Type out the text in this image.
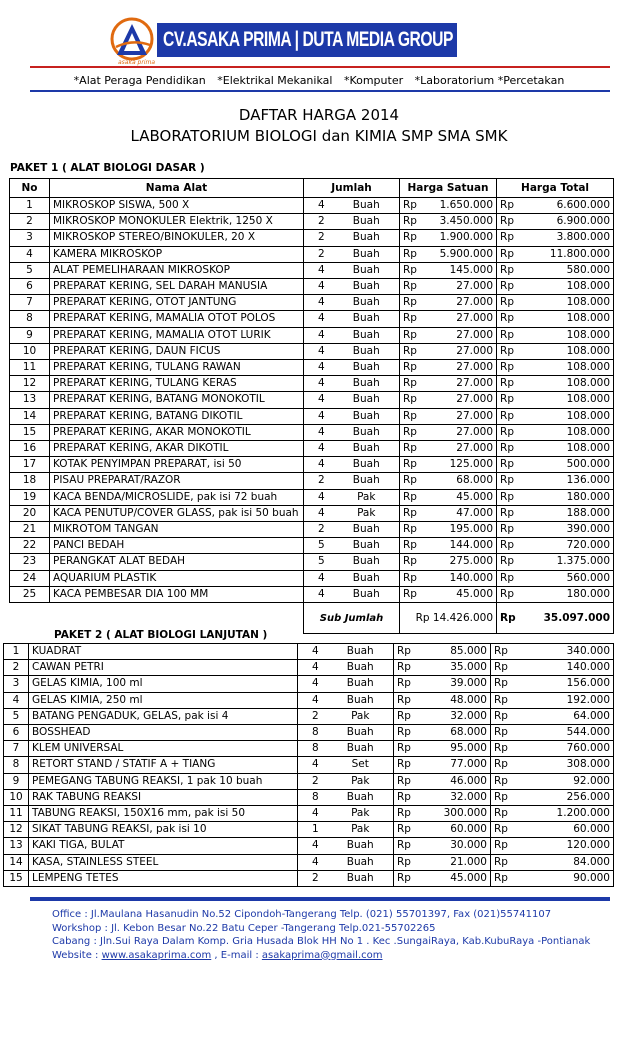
asaka prima
CV.ASAKA PRIMA | DUTA MEDIA GROUP
*Alat Peraga Pendidikan *Elektrikal Mekanikal *Komputer *Laboratorium *Percetakan
DAFTAR HARGA 2014
LABORATORIUM BIOLOGI dan KIMIA SMP SMA SMK
PAKET 1 ( ALAT BIOLOGI DASAR )
No	Nama Alat	Jumlah		Harga Satuan		Harga Total	
1	MIKROSKOP SISWA, 500 X	4	Buah	Rp	1.650.000	Rp	6.600.000
2	MIKROSKOP MONOKULER Elektrik, 1250 X	2	Buah	Rp	3.450.000	Rp	6.900.000
3	MIKROSKOP STEREO/BINOKULER, 20 X	2	Buah	Rp	1.900.000	Rp	3.800.000
4	KAMERA MIKROSKOP	2	Buah	Rp	5.900.000	Rp	11.800.000
5	ALAT PEMELIHARAAN MIKROSKOP	4	Buah	Rp	145.000	Rp	580.000
6	PREPARAT KERING, SEL DARAH MANUSIA	4	Buah	Rp	27.000	Rp	108.000
7	PREPARAT KERING, OTOT JANTUNG	4	Buah	Rp	27.000	Rp	108.000
8	PREPARAT KERING, MAMALIA OTOT POLOS	4	Buah	Rp	27.000	Rp	108.000
9	PREPARAT KERING, MAMALIA OTOT LURIK	4	Buah	Rp	27.000	Rp	108.000
10	PREPARAT KERING, DAUN FICUS	4	Buah	Rp	27.000	Rp	108.000
11	PREPARAT KERING, TULANG RAWAN	4	Buah	Rp	27.000	Rp	108.000
12	PREPARAT KERING, TULANG KERAS	4	Buah	Rp	27.000	Rp	108.000
13	PREPARAT KERING, BATANG MONOKOTIL	4	Buah	Rp	27.000	Rp	108.000
14	PREPARAT KERING, BATANG DIKOTIL	4	Buah	Rp	27.000	Rp	108.000
15	PREPARAT KERING, AKAR MONOKOTIL	4	Buah	Rp	27.000	Rp	108.000
16	PREPARAT KERING, AKAR DIKOTIL	4	Buah	Rp	27.000	Rp	108.000
17	KOTAK PENYIMPAN PREPARAT, isi 50	4	Buah	Rp	125.000	Rp	500.000
18	PISAU PREPARAT/RAZOR	2	Buah	Rp	68.000	Rp	136.000
19	KACA BENDA/MICROSLIDE, pak isi 72 buah	4	Pak	Rp	45.000	Rp	180.000
20	KACA PENUTUP/COVER GLASS, pak isi 50 buah	4	Pak	Rp	47.000	Rp	188.000
21	MIKROTOM TANGAN	2	Buah	Rp	195.000	Rp	390.000
22	PANCI BEDAH	5	Buah	Rp	144.000	Rp	720.000
23	PERANGKAT ALAT BEDAH	5	Buah	Rp	275.000	Rp	1.375.000
24	AQUARIUM PLASTIK	4	Buah	Rp	140.000	Rp	560.000
25	KACA PEMBESAR DIA 100 MM	4	Buah	Rp	45.000	Rp	180.000
		Sub Jumlah		Rp 14.426.000		Rp	35.097.000
PAKET 2 ( ALAT BIOLOGI LANJUTAN )
1	KUADRAT	4	Buah	Rp	85.000	Rp	340.000
2	CAWAN PETRI	4	Buah	Rp	35.000	Rp	140.000
3	GELAS KIMIA, 100 ml	4	Buah	Rp	39.000	Rp	156.000
4	GELAS KIMIA, 250 ml	4	Buah	Rp	48.000	Rp	192.000
5	BATANG PENGADUK, GELAS, pak isi 4	2	Pak	Rp	32.000	Rp	64.000
6	BOSSHEAD	8	Buah	Rp	68.000	Rp	544.000
7	KLEM UNIVERSAL	8	Buah	Rp	95.000	Rp	760.000
8	RETORT STAND / STATIF A + TIANG	4	Set	Rp	77.000	Rp	308.000
9	PEMEGANG TABUNG REAKSI, 1 pak 10 buah	2	Pak	Rp	46.000	Rp	92.000
10	RAK TABUNG REAKSI	8	Buah	Rp	32.000	Rp	256.000
11	TABUNG REAKSI, 150X16 mm, pak isi 50	4	Pak	Rp	300.000	Rp	1.200.000
12	SIKAT TABUNG REAKSI, pak isi 10	1	Pak	Rp	60.000	Rp	60.000
13	KAKI TIGA, BULAT	4	Buah	Rp	30.000	Rp	120.000
14	KASA, STAINLESS STEEL	4	Buah	Rp	21.000	Rp	84.000
15	LEMPENG TETES	2	Buah	Rp	45.000	Rp	90.000
Office : Jl.Maulana Hasanudin No.52 Cipondoh-Tangerang Telp. (021) 55701397, Fax (021)55741107
Workshop : Jl. Kebon Besar No.22 Batu Ceper -Tangerang Telp.021-55702265
Cabang : Jln.Sui Raya Dalam Komp. Gria Husada Blok HH No 1 . Kec .SungaiRaya, Kab.KubuRaya -Pontianak
Website : www.asakaprima.com , E-mail : asakaprima@gmail.com
